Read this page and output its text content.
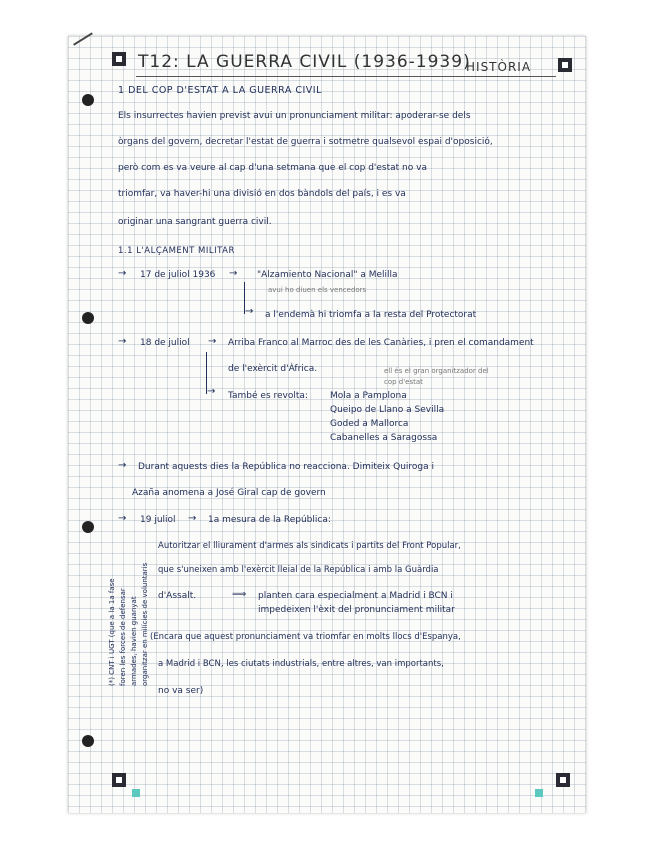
T12: LA GUERRA CIVIL (1936-1939)
HISTÒRIA
1 DEL COP D'ESTAT A LA GUERRA CIVIL
Els insurrectes havien previst avui un pronunciament militar: apoderar-se dels
òrgans del govern, decretar l'estat de guerra i sotmetre qualsevol espai d'oposició,
però com es va veure al cap d'una setmana que el cop d'estat no va
triomfar, va haver-hi una divisió en dos bàndols del país, i es va
originar una sangrant guerra civil.
1.1 L'ALÇAMENT MILITAR
→ 17 de juliol 1936 → "Alzamiento Nacional" a Melilla
avui ho diuen els vencedors
→ a l'endemà hi triomfa a la resta del Protectorat
→ 18 de juliol → Arriba Franco al Marroc des de les Canàries, i pren el comandament
de l'exèrcit d'Àfrica.	ell és el gran organitzador del
cop d'estat
→ També es revolta: Mola a Pamplona
Queipo de Llano a Sevilla
Goded a Mallorca
Cabanelles a Saragossa
→ Durant aquests dies la República no reacciona. Dimiteix Quiroga i
Azaña anomena a José Giral cap de govern
→ 19 juliol → 1a mesura de la República:
Autoritzar el lliurament d'armes als sindicats i partits del Front Popular,
que s'uneixen amb l'exèrcit lleial de la República i amb la Guàrdia
d'Assalt.	⟹ planten cara especialment a Madrid i BCN i
impedeixen l'èxit del pronunciament militar
(Encara que aquest pronunciament va triomfar en molts llocs d'Espanya,
a Madrid i BCN, les ciutats industrials, entre altres, van importants,
no va ser)
(*) CNT i UGT (que a la 1a fase foren les forces de defensar armades, havien guanyat organitzar en milícies de voluntaris
